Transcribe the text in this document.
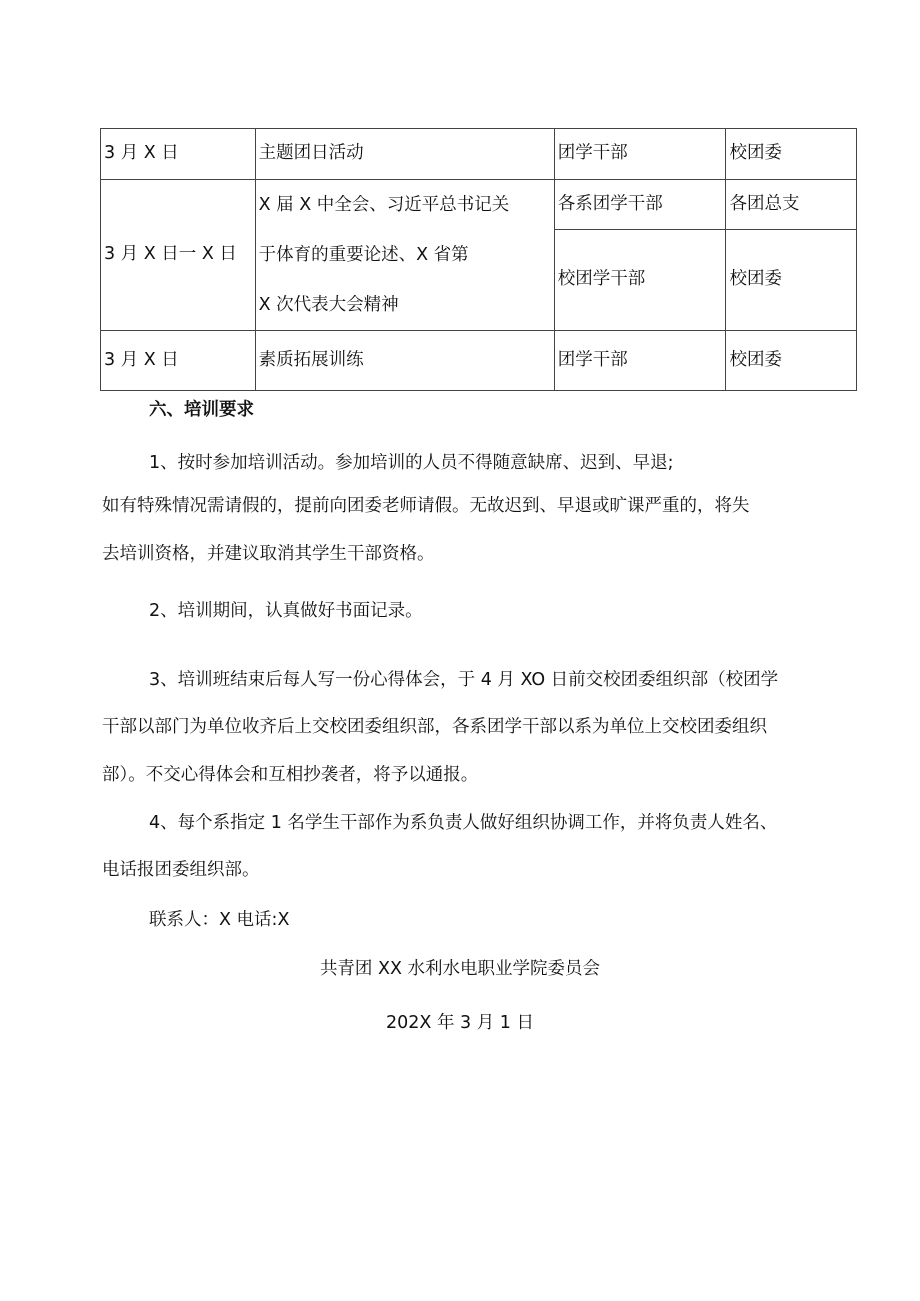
3 月 X 日	主题团日活动	团学干部	校团委
3 月 X 日一 X 日	X 届 X 中全会、习近平总书记关
于体育的重要论述、X 省第
X 次代表大会精神	各系团学干部	各团总支
		校团学干部	校团委
3 月 X 日	素质拓展训练	团学干部	校团委
六、培训要求
1、按时参加培训活动。参加培训的人员不得随意缺席、迟到、早退;
如有特殊情况需请假的，提前向团委老师请假。无故迟到、早退或旷课严重的，将失
去培训资格，并建议取消其学生干部资格。
2、培训期间，认真做好书面记录。
3、培训班结束后每人写一份心得体会，于 4 月 XO 日前交校团委组织部（校团学
干部以部门为单位收齐后上交校团委组织部，各系团学干部以系为单位上交校团委组织
部）。不交心得体会和互相抄袭者，将予以通报。
4、每个系指定 1 名学生干部作为系负责人做好组织协调工作，并将负责人姓名、
电话报团委组织部。
联系人：X 电话:X
共青团 XX 水利水电职业学院委员会
202X 年 3 月 1 日
